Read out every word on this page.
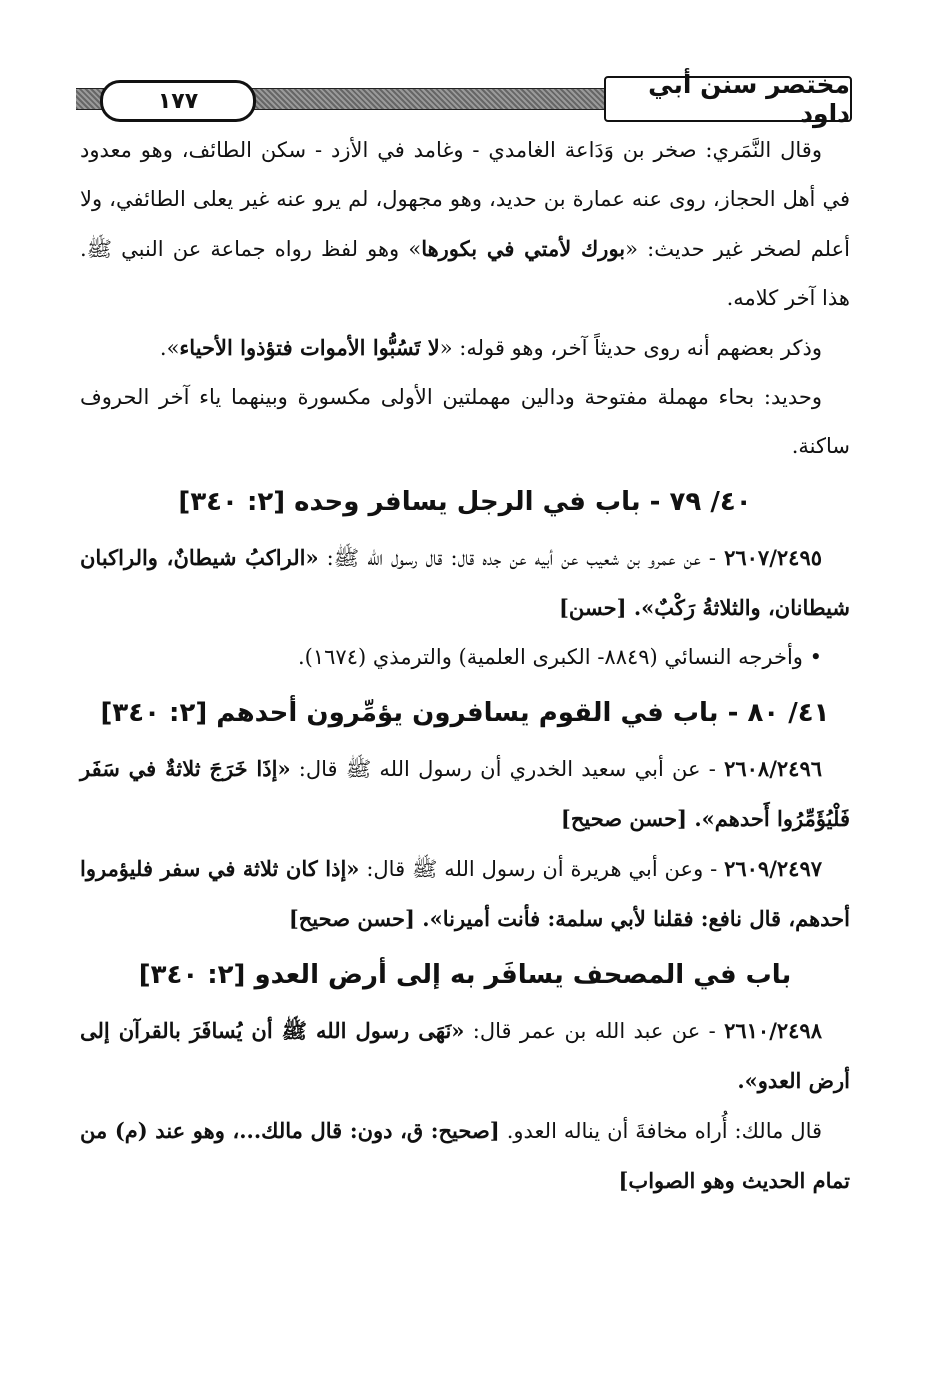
١٧٧
مختصر سنن أبي داود

وقال النَّمَري: صخر بن وَدَاعة الغامدي - وغامد في الأزد - سكن الطائف، وهو معدود في أهل الحجاز، روى عنه عمارة بن حديد، وهو مجهول، لم يرو عنه غير يعلى الطائفي، ولا أعلم لصخر غير حديث: «بورك لأمتي في بكورها» وهو لفظ رواه جماعة عن النبي ﷺ. هذا آخر كلامه.

وذكر بعضهم أنه روى حديثاً آخر، وهو قوله: «لا تَسُبُّوا الأموات فتؤذوا الأحياء».

وحديد: بحاء مهملة مفتوحة ودالين مهملتين الأولى مكسورة وبينهما ياء آخر الحروف ساكنة.

٤٠/ ٧٩ - باب في الرجل يسافر وحده [٢: ٣٤٠]

٢٦٠٧/٢٤٩٥ - عن عمرو بن شعيب عن أبيه عن جده قال: قال رسول الله ﷺ: «الراكبُ شيطانٌ، والراكبان شيطانان، والثلاثةُ رَكْبٌ». [حسن]

• وأخرجه النسائي (٨٨٤٩- الكبرى العلمية) والترمذي (١٦٧٤).

٤١/ ٨٠ - باب في القوم يسافرون يؤمِّرون أحدهم [٢: ٣٤٠]

٢٦٠٨/٢٤٩٦ - عن أبي سعيد الخدري أن رسول الله ﷺ قال: «إذَا خَرَجَ ثلاثةٌ في سَفَر فَلْيُؤَمِّرُوا أَحدهم». [حسن صحيح]

٢٦٠٩/٢٤٩٧ - وعن أبي هريرة أن رسول الله ﷺ قال: «إذا كان ثلاثة في سفر فليؤمروا أحدهم، قال نافع: فقلنا لأبي سلمة: فأنت أميرنا». [حسن صحيح]

باب في المصحف يسافَر به إلى أرض العدو [٢: ٣٤٠]

٢٦١٠/٢٤٩٨ - عن عبد الله بن عمر قال: «نَهَى رسول الله ﷺ أن يُسافَرَ بالقرآن إلى أرض العدو».

قال مالك: أُراه مخافةَ أن يناله العدو. [صحيح: ق، دون: قال مالك...، وهو عند (م) من تمام الحديث وهو الصواب]
